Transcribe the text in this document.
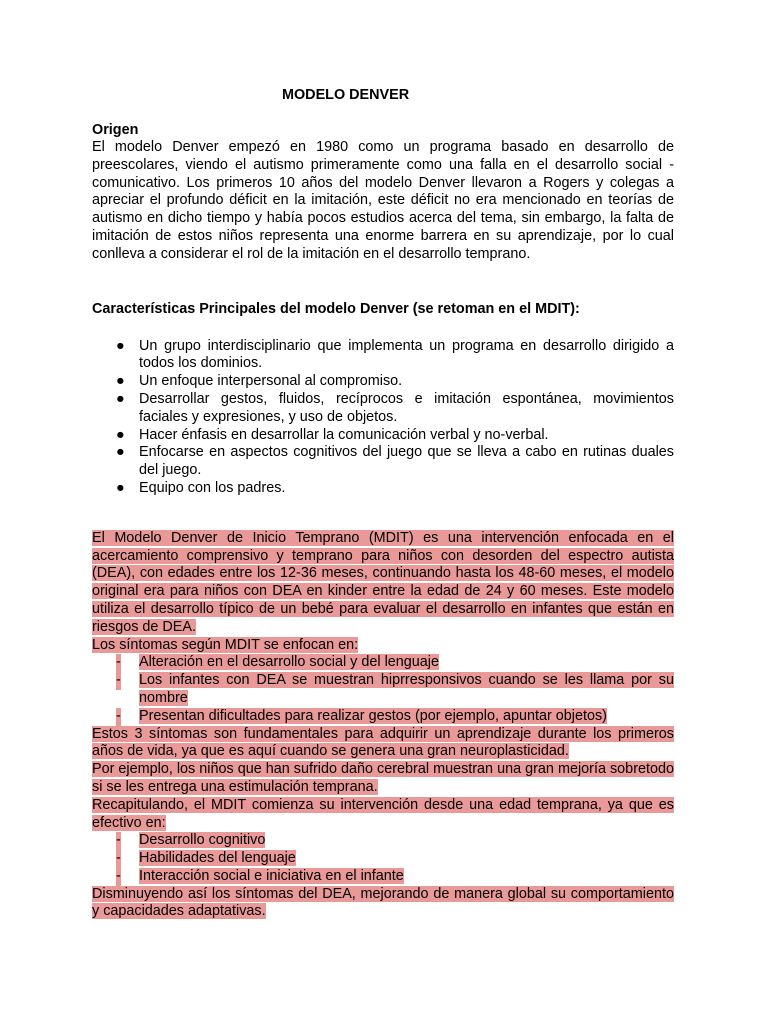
MODELO DENVER
Origen

El modelo Denver empezó en 1980 como un programa basado en desarrollo de preescolares, viendo el autismo primeramente como una falla en el desarrollo social - comunicativo. Los primeros 10 años del modelo Denver llevaron a Rogers y colegas a apreciar el profundo déficit en la imitación, este déficit no era mencionado en teorías de autismo en dicho tiempo y había pocos estudios acerca del tema, sin embargo, la falta de imitación de estos niños representa una enorme barrera en su aprendizaje, por lo cual conlleva a considerar el rol de la imitación en el desarrollo temprano.

Características Principales del modelo Denver (se retoman en el MDIT):
● Un grupo interdisciplinario que implementa un programa en desarrollo dirigido a todos los dominios.
● Un enfoque interpersonal al compromiso.
● Desarrollar gestos, fluidos, recíprocos e imitación espontánea, movimientos faciales y expresiones, y uso de objetos.
● Hacer énfasis en desarrollar la comunicación verbal y no-verbal.
● Enfocarse en aspectos cognitivos del juego que se lleva a cabo en rutinas duales del juego.
● Equipo con los padres.

El Modelo Denver de Inicio Temprano (MDIT) es una intervención enfocada en el acercamiento comprensivo y temprano para niños con desorden del espectro autista (DEA), con edades entre los 12-36 meses, continuando hasta los 48-60 meses, el modelo original era para niños con DEA en kinder entre la edad de 24 y 60 meses. Este modelo utiliza el desarrollo típico de un bebé para evaluar el desarrollo en infantes que están en riesgos de DEA.

Los síntomas según MDIT se enfocan en:

- Alteración en el desarrollo social y del lenguaje
- Los infantes con DEA se muestran hiprresponsivos cuando se les llama por su nombre
- Presentan dificultades para realizar gestos (por ejemplo, apuntar objetos)

Estos 3 síntomas son fundamentales para adquirir un aprendizaje durante los primeros años de vida, ya que es aquí cuando se genera una gran neuroplasticidad.

Por ejemplo, los niños que han sufrido daño cerebral muestran una gran mejoría sobretodo si se les entrega una estimulación temprana.

Recapitulando, el MDIT comienza su intervención desde una edad temprana, ya que es efectivo en:

- Desarrollo cognitivo
- Habilidades del lenguaje
- Interacción social e iniciativa en el infante

Disminuyendo así los síntomas del DEA, mejorando de manera global su comportamiento y capacidades adaptativas.
